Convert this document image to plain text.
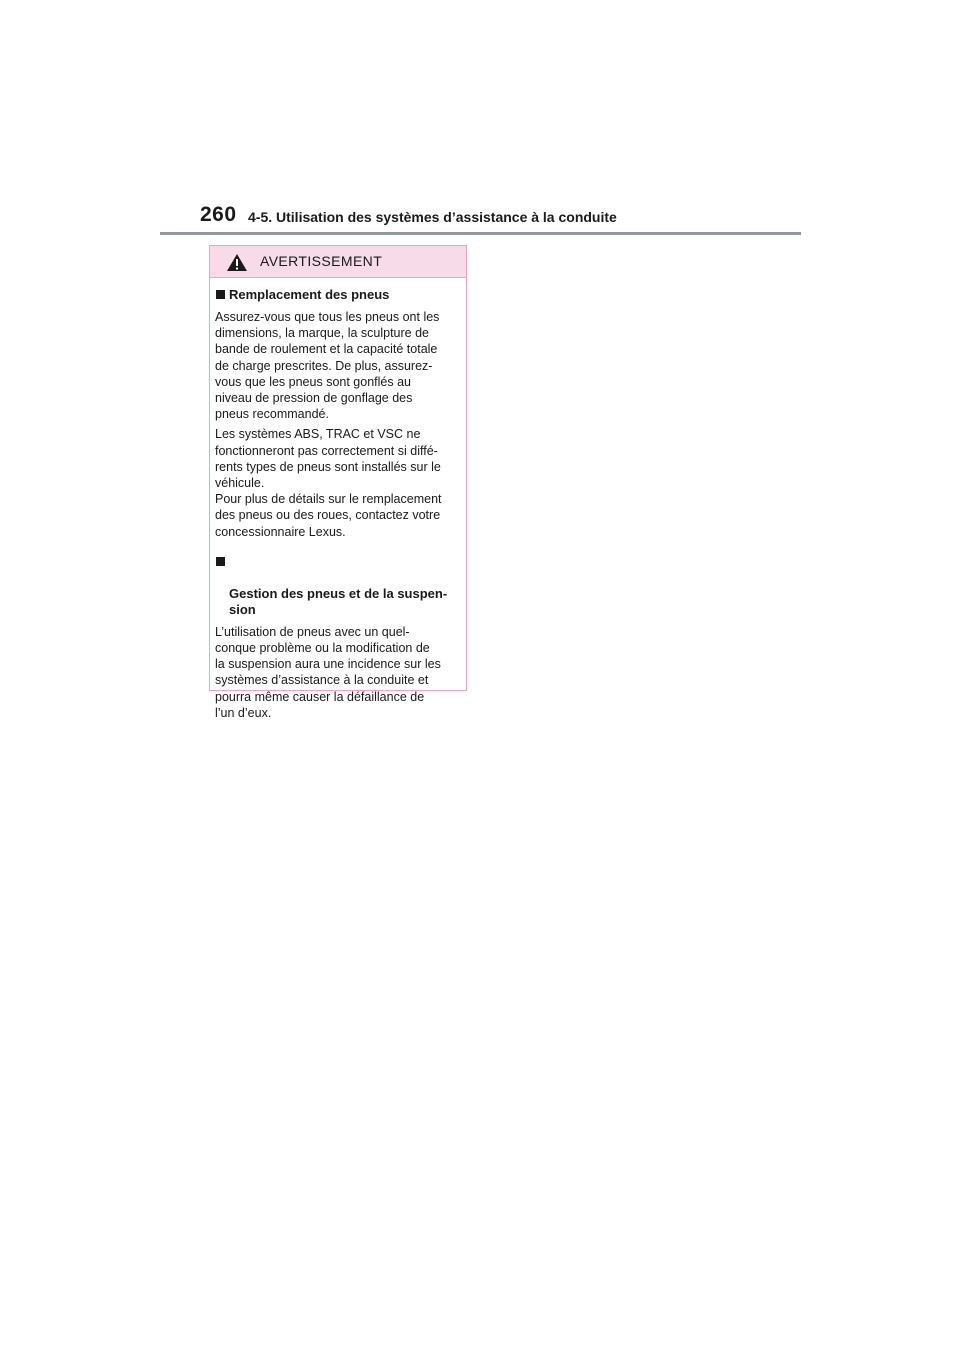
260 4-5. Utilisation des systèmes d’assistance à la conduite
AVERTISSEMENT
Remplacement des pneus

Assurez-vous que tous les pneus ont les
dimensions, la marque, la sculpture de
bande de roulement et la capacité totale
de charge prescrites. De plus, assurez-
vous que les pneus sont gonflés au
niveau de pression de gonflage des
pneus recommandé.

Les systèmes ABS, TRAC et VSC ne
fonctionneront pas correctement si diffé-
rents types de pneus sont installés sur le
véhicule.

Pour plus de détails sur le remplacement
des pneus ou des roues, contactez votre
concessionnaire Lexus.

Gestion des pneus et de la suspen-
sion

L’utilisation de pneus avec un quel-
conque problème ou la modification de
la suspension aura une incidence sur les
systèmes d’assistance à la conduite et
pourra même causer la défaillance de
l’un d’eux.
